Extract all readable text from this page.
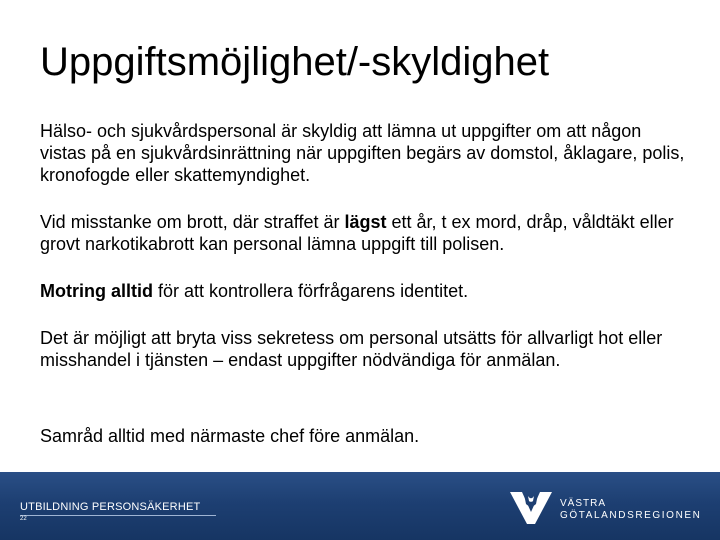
Uppgiftsmöjlighet/-skyldighet

Hälso- och sjukvårdspersonal är skyldig att lämna ut uppgifter om att någon vistas på en sjukvårdsinrättning när uppgiften begärs av domstol, åklagare, polis, kronofogde eller skattemyndighet.

Vid misstanke om brott, där straffet är lägst ett år, t ex mord, dråp, våldtäkt eller grovt narkotikabrott kan personal lämna uppgift till polisen.

Motring alltid för att kontrollera förfrågarens identitet.

Det är möjligt att bryta viss sekretess om personal utsätts för allvarligt hot eller misshandel i tjänsten – endast uppgifter nödvändiga för anmälan.

Samråd alltid med närmaste chef före anmälan.

UTBILDNING PERSONSÄKERHET
22
VÄSTRA
GÖTALANDSREGIONEN
